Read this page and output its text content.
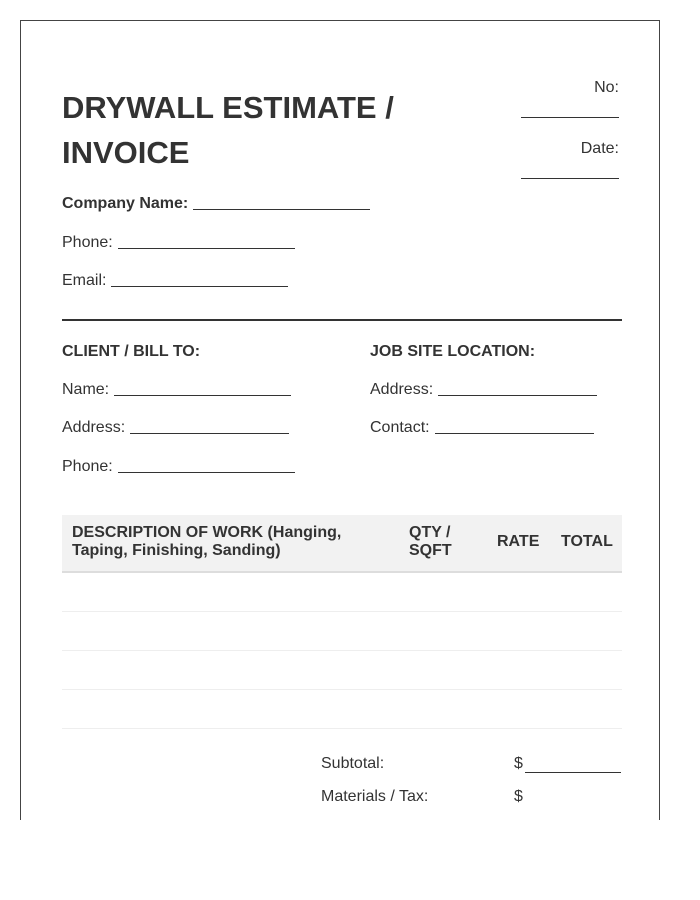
DRYWALL ESTIMATE /
INVOICE
No:
Date:
Company Name:
Phone:
Email:
CLIENT / BILL TO:
Name:
Address:
Phone:
JOB SITE LOCATION:
Address:
Contact:
DESCRIPTION OF WORK (Hanging,
Taping, Finishing, Sanding)
QTY /
SQFT
RATE TOTAL
Subtotal:	$
Materials / Tax:	$
